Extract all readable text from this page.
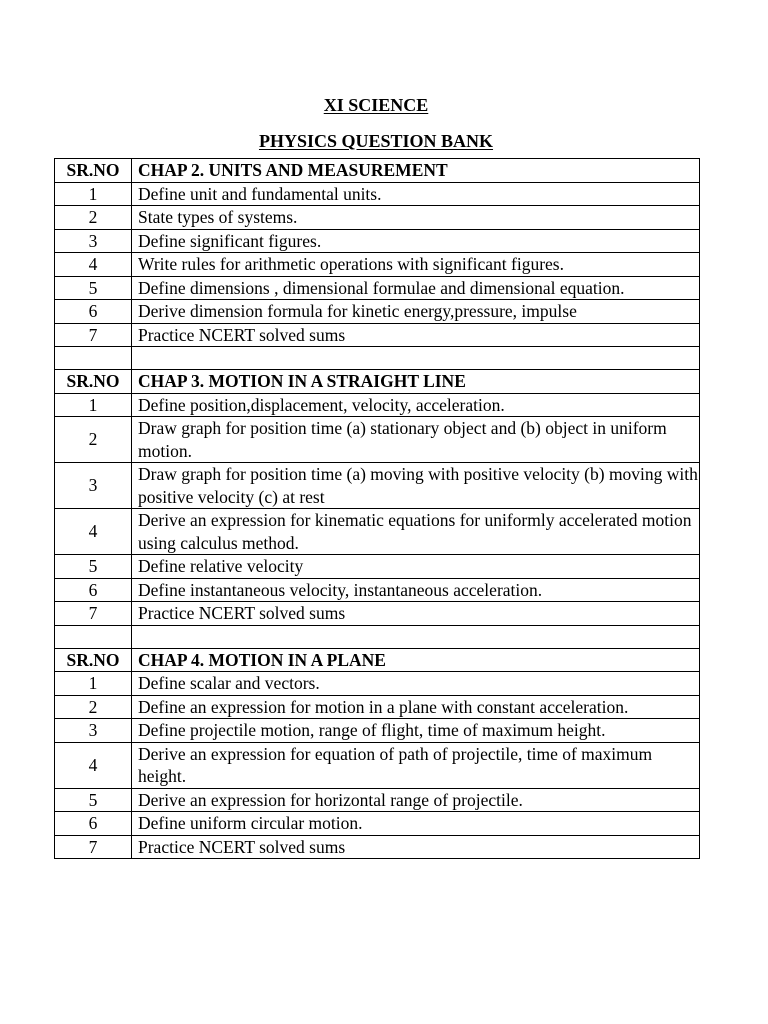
XI SCIENCE
PHYSICS QUESTION BANK
SR.NO	CHAP 2. UNITS AND MEASUREMENT
1	Define unit and fundamental units.
2	State types of systems.
3	Define significant figures.
4	Write rules for arithmetic operations with significant figures.
5	Define dimensions , dimensional formulae and dimensional equation.
6	Derive dimension formula for kinetic energy,pressure, impulse
7	Practice NCERT solved sums

SR.NO	CHAP 3. MOTION IN A STRAIGHT LINE
1	Define position,displacement, velocity, acceleration.
2	Draw graph for position time (a) stationary object and (b) object in uniform motion.
3	Draw graph for position time (a) moving with positive velocity (b) moving with positive velocity (c) at rest
4	Derive an expression for kinematic equations for uniformly accelerated motion using calculus method.
5	Define relative velocity
6	Define instantaneous velocity, instantaneous acceleration.
7	Practice NCERT solved sums

SR.NO	CHAP 4. MOTION IN A PLANE
1	Define scalar and vectors.
2	Define an expression for motion in a plane with constant acceleration.
3	Define projectile motion, range of flight, time of maximum height.
4	Derive an expression for equation of path of projectile, time of maximum height.
5	Derive an expression for horizontal range of projectile.
6	Define uniform circular motion.
7	Practice NCERT solved sums
